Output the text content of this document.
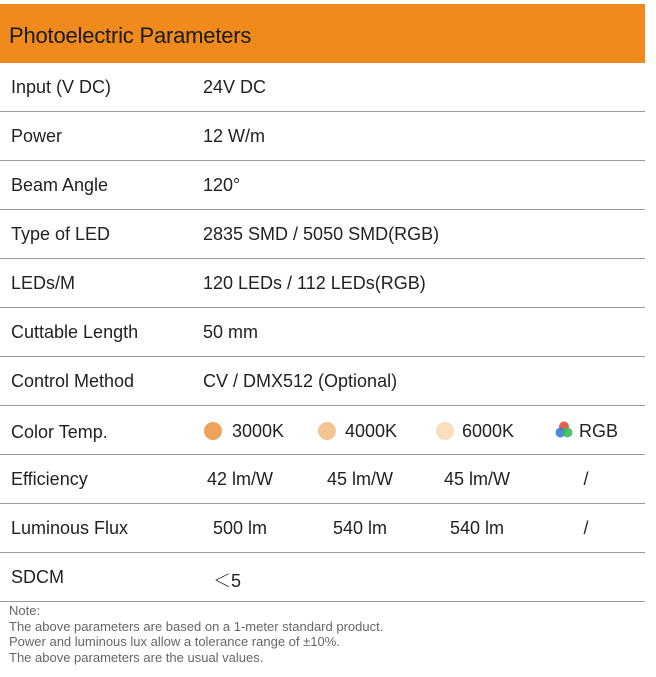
Photoelectric Parameters
Input (V DC)	24V DC
Power	12 W/m
Beam Angle	120°
Type of LED	2835 SMD / 5050 SMD(RGB)
LEDs/M	120 LEDs / 112 LEDs(RGB)
Cuttable Length	50 mm
Control Method	CV / DMX512 (Optional)
Color Temp.	3000K	4000K	6000K	RGB
Efficiency	42 lm/W	45 lm/W	45 lm/W	/
Luminous Flux	500 lm	540 lm	540 lm	/
SDCM	＜5
Note:
The above parameters are based on a 1-meter standard product.
Power and luminous lux allow a tolerance range of ±10%.
The above parameters are the usual values.
